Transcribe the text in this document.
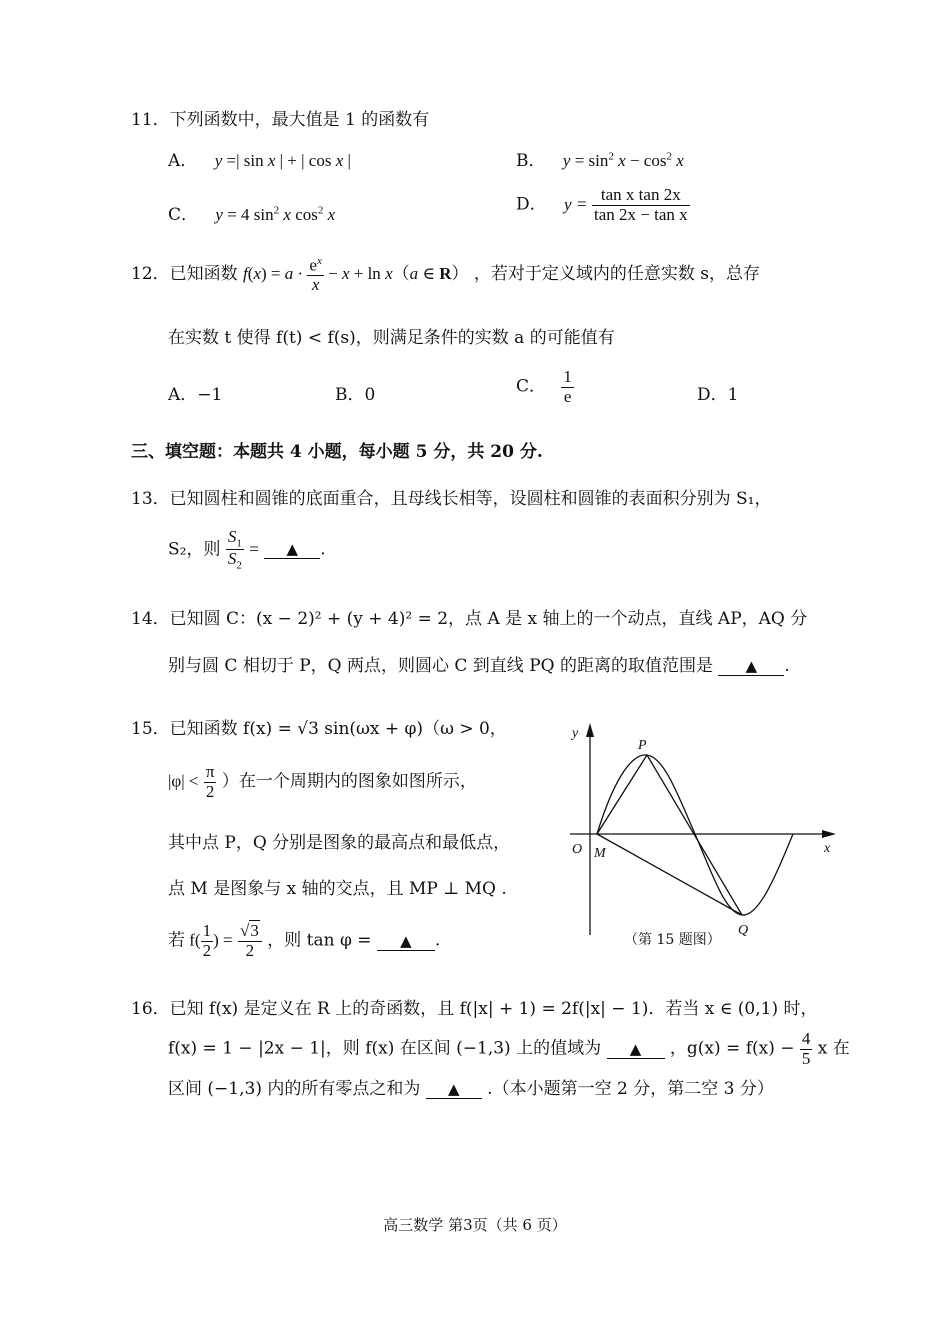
11．下列函数中，最大值是 1 的函数有
A． y =| sin x | + | cos x |	B． $y = \sin^2 x - \cos^2 x$
C． y = 4 $\sin^2 x$ $\cos^2 x$	D． $y = \frac{\text{tan x tan 2x}}{\text{tan 2x − tan x}}$
12．已知函数 $f(x) = a \cdot \frac{e^x}{x} - x + \ln x(a$ ∈ R） ，若对于定义域内的任意实数 s，总存
在实数 t 使得 f(t) < f(s)，则满足条件的实数 a 的可能值有
A．−1	B．0	C． $\frac{1}{e}$	D．1
三、填空题：本题共 4 小题，每小题 5 分，共 20 分.
13．已知圆柱和圆锥的底面重合，且母线长相等，设圆柱和圆锥的表面积分别为 S₁，
S₂，则 $\frac{S_1}{S_2}$ = ▲ .
14．已知圆 C：(x − 2)² + (y + 4)² = 2，点 A 是 x 轴上的一个动点，直线 AP，AQ 分
别与圆 C 相切于 P，Q 两点，则圆心 C 到直线 PQ 的距离的取值范围是 ▲ .
15．已知函数 f(x) = √3 sin(ωx + φ)（ω > 0，
$|\varphi| < \frac{\pi}{2}$ ）在一个周期内的图象如图所示，
其中点 P，Q 分别是图象的最高点和最低点，
点 M 是图象与 x 轴的交点，且 MP ⊥ MQ .
若 $f( \frac{1}{2}$ ) = $\frac{√3}{2}$ ，则 tan φ = ▲ .
y
x
O M
P
Q
（第 15 题图）
16．已知 f(x) 是定义在 R 上的奇函数，且 f(|x| + 1) = 2f(|x| − 1)．若当 x ∈ (0,1) 时，
f(x) = 1 − |2x − 1|，则 f(x) 在区间 (−1,3) 上的值域为 ▲ ，$g(x) = f(x) - \frac{4}{5}$ x 在
区间 (−1,3) 内的所有零点之和为 ▲ .（本小题第一空 2 分，第二空 3 分）
高三数学 第3页（共 6 页）
